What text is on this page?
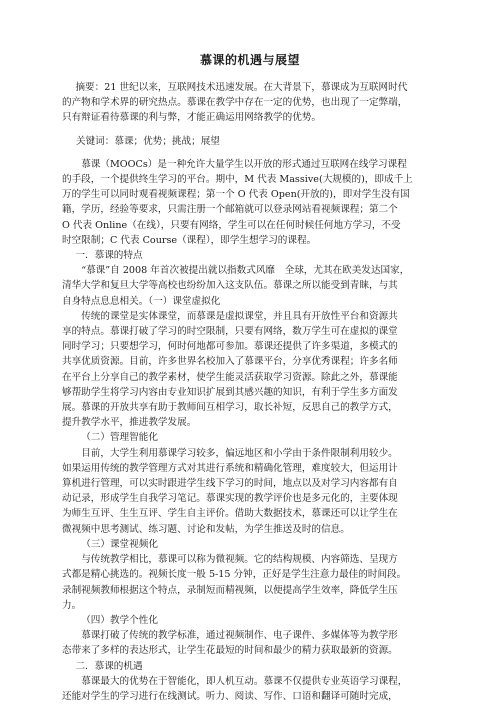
慕课的机遇与展望

摘要：21 世纪以来，互联网技术迅速发展。在大背景下，慕课成为互联网时代

的产物和学术界的研究热点。慕课在教学中存在一定的优势，也出现了一定弊端，

只有辩证看待慕课的利与弊，才能正确运用网络教学的优势。

关键词：慕课；优势；挑战；展望

慕课（MOOCs）是一种允许大量学生以开放的形式通过互联网在线学习课程

的手段，一个提供终生学习的平台。期中，M 代表 Massive(大规模的)，即成千上

万的学生可以同时观看视频课程；第一个 O 代表 Open(开放的)，即对学生没有国

籍，学历，经验等要求，只需注册一个邮箱就可以登录网站看视频课程；第二个

O 代表 Online（在线），只要有网络，学生可以在任何时候任何地方学习，不受

时空限制；C 代表 Course（课程），即学生想学习的课程。

一．慕课的特点

“慕课”自 2008 年首次被提出就以指数式风靡　全球，尤其在欧美发达国家，

清华大学和复旦大学等高校也纷纷加入这支队伍。慕课之所以能受到青睐，与其

自身特点息息相关。（一）课堂虚拟化

传统的课堂是实体课堂，而慕课是虚拟课堂，并且具有开放性平台和资源共

享的特点。慕课打破了学习的时空限制，只要有网络，数万学生可在虚拟的课堂

同时学习；只要想学习，何时何地都可参加。慕课还提供了许多渠道，多模式的

共享优质资源。目前，许多世界名校加入了慕课平台，分享优秀课程；许多名师

在平台上分享自己的教学素材，使学生能灵活获取学习资源。除此之外，慕课能

够帮助学生将学习内容由专业知识扩展到其感兴趣的知识，有利于学生多方面发

展。慕课的开放共享有助于教师间互相学习，取长补短，反思自己的教学方式，

提升教学水平，推进教学发展。

（二）管理智能化

目前，大学生利用慕课学习较多，偏远地区和小学由于条件限制利用较少。

如果运用传统的教学管理方式对其进行系统和精确化管理，难度较大，但运用计

算机进行管理，可以实时跟进学生线下学习的时间，地点以及对学习内容都有自

动记录，形成学生自我学习笔记。慕课实现的教学评价也是多元化的，主要体现

为师生互评、生生互评、学生自主评价。借助大数据技术，慕课还可以让学生在

微视频中思考测试、练习题、讨论和发帖，为学生推送及时的信息。

（三）课堂视频化

与传统教学相比，慕课可以称为微视频。它的结构规模、内容筛选、呈现方

式都是精心挑选的。视频长度一般 5-15 分钟，正好是学生注意力最佳的时间段。

录制视频教师根据这个特点，录制短而精视频，以便提高学生效率，降低学生压

力。

（四）教学个性化

慕课打破了传统的教学标准，通过视频制作、电子课件、多媒体等为教学形

态带来了多样的表达形式，让学生花最短的时间和最少的精力获取最新的资源。

二．慕课的机遇

慕课最大的优势在于智能化，即人机互动。慕课不仅提供专业英语学习课程，

还能对学生的学习进行在线测试。听力、阅读、写作、口语和翻译可随时完成，
